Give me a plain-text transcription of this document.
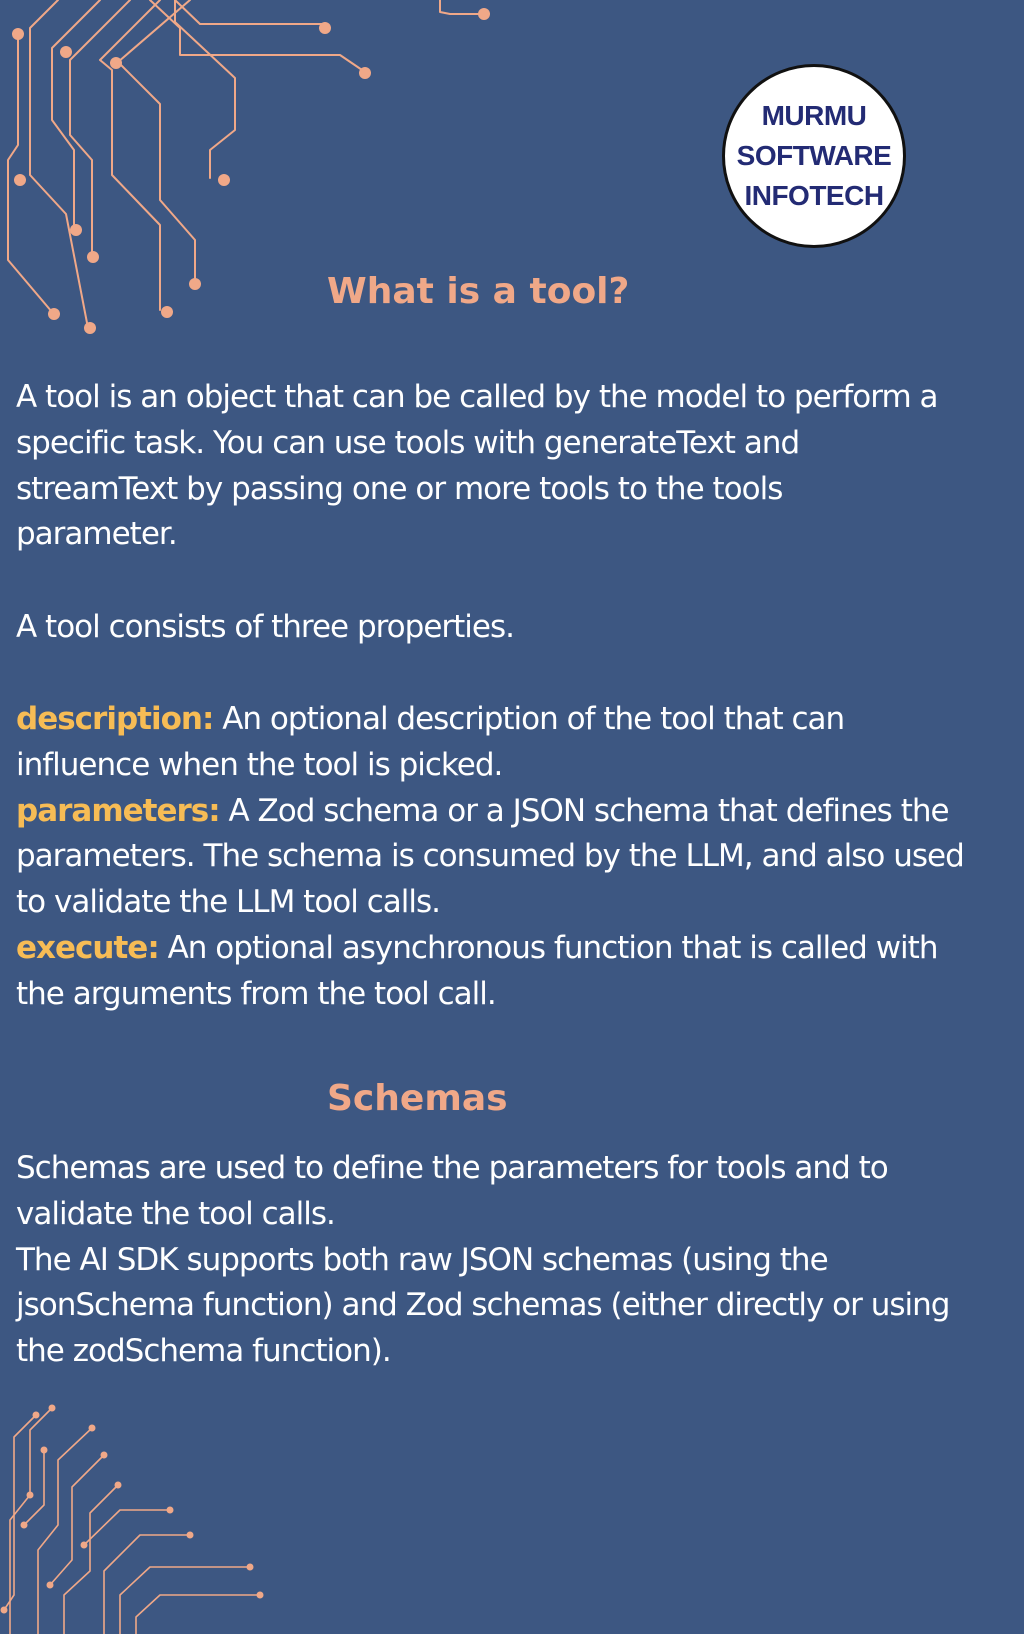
MURMU
SOFTWARE
INFOTECH
What is a tool?

A tool is an object that can be called by the model to perform a
specific task. You can use tools with generateText and
streamText by passing one or more tools to the tools
parameter.

A tool consists of three properties.

description: An optional description of the tool that can
influence when the tool is picked.
parameters: A Zod schema or a JSON schema that defines the
parameters. The schema is consumed by the LLM, and also used
to validate the LLM tool calls.
execute: An optional asynchronous function that is called with
the arguments from the tool call.
Schemas

Schemas are used to define the parameters for tools and to
validate the tool calls.
The AI SDK supports both raw JSON schemas (using the
jsonSchema function) and Zod schemas (either directly or using
the zodSchema function).
